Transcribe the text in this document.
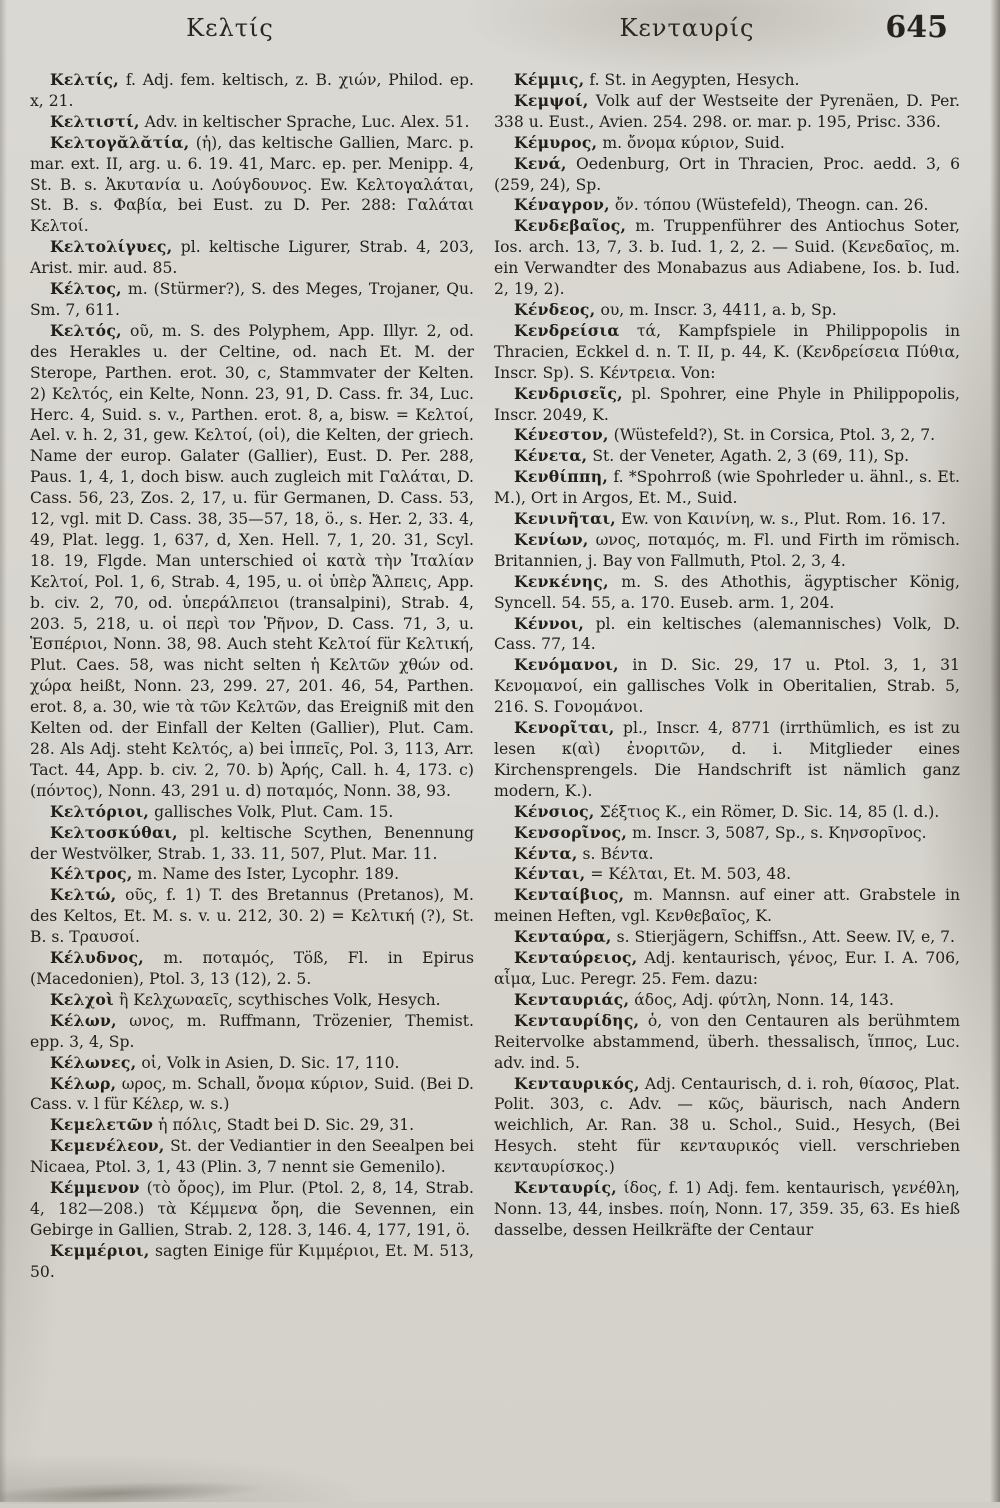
Κελτίς	Κενταυρίς	645

Κελτίς, f. Adj. fem. keltisch, z. B. χιών, Philod. ep. x, 21.

Κελτιστί, Adv. in keltischer Sprache, Luc. Alex. 51.

Κελτογᾰλᾰτία, (ἡ), das keltische Gallien, Marc. p. mar. ext. II, arg. u. 6. 19. 41, Marc. ep. per. Menipp. 4, St. B. s. Ἀκυτανία u. Λούγδουνος. Ew. Κελτογαλάται, St. B. s. Φαβία, bei Eust. zu D. Per. 288: Γαλάται Κελτοί.

Κελτολίγυες, pl. keltische Ligurer, Strab. 4, 203, Arist. mir. aud. 85.

Κέλτος, m. (Stürmer?), S. des Meges, Trojaner, Qu. Sm. 7, 611.

Κελτός, οῦ, m. S. des Polyphem, App. Illyr. 2, od. des Herakles u. der Celtine, od. nach Et. M. der Sterope, Parthen. erot. 30, c, Stammvater der Kelten. 2) Κελτός, ein Kelte, Nonn. 23, 91, D. Cass. fr. 34, Luc. Herc. 4, Suid. s. v., Parthen. erot. 8, a, bisw. = Κελτοί, Ael. v. h. 2, 31, gew. Κελτοί, (οἱ), die Kelten, der griech. Name der europ. Galater (Gallier), Eust. D. Per. 288, Paus. 1, 4, 1, doch bisw. auch zugleich mit Γαλάται, D. Cass. 56, 23, Zos. 2, 17, u. für Germanen, D. Cass. 53, 12, vgl. mit D. Cass. 38, 35—57, 18, ö., s. Her. 2, 33. 4, 49, Plat. legg. 1, 637, d, Xen. Hell. 7, 1, 20. 31, Scyl. 18. 19, Flgde. Man unterschied οἱ κατὰ τὴν Ἰταλίαν Κελτοί, Pol. 1, 6, Strab. 4, 195, u. οἱ ὑπὲρ Ἄλπεις, App. b. civ. 2, 70, od. ὑπεράλπειοι (transalpini), Strab. 4, 203. 5, 218, u. οἱ περὶ τον Ῥῆνον, D. Cass. 71, 3, u. Ἑσπέριοι, Nonn. 38, 98. Auch steht Κελτοί für Κελτική, Plut. Caes. 58, was nicht selten ἡ Κελτῶν χθών od. χώρα heißt, Nonn. 23, 299. 27, 201. 46, 54, Parthen. erot. 8, a. 30, wie τὰ τῶν Κελτῶν, das Ereigniß mit den Kelten od. der Einfall der Kelten (Gallier), Plut. Cam. 28. Als Adj. steht Κελτός, a) bei ἱππεῖς, Pol. 3, 113, Arr. Tact. 44, App. b. civ. 2, 70. b) Ἀρής, Call. h. 4, 173. c) (πόντος), Nonn. 43, 291 u. d) ποταμός, Nonn. 38, 93.

Κελτόριοι, gallisches Volk, Plut. Cam. 15.

Κελτοσκύθαι, pl. keltische Scythen, Benennung der Westvölker, Strab. 1, 33. 11, 507, Plut. Mar. 11.

Κέλτρος, m. Name des Ister, Lycophr. 189.

Κελτώ, οῦς, f. 1) T. des Bretannus (Pretanos), M. des Keltos, Et. M. s. v. u. 212, 30. 2) = Κελτική (?), St. B. s. Τραυσοί.

Κέλυδνος, m. ποταμός, Töß, Fl. in Epirus (Macedonien), Ptol. 3, 13 (12), 2. 5.

Κελχοὶ ἢ Κελχωναεῖς, scythisches Volk, Hesych.

Κέλων, ωνος, m. Ruffmann, Trözenier, Themist. epp. 3, 4, Sp.

Κέλωνες, οἱ, Volk in Asien, D. Sic. 17, 110.

Κέλωρ, ωρος, m. Schall, ὄνομα κύριον, Suid. (Bei D. Cass. v. l für Κέλερ, w. s.)

Κεμελετῶν ἡ πόλις, Stadt bei D. Sic. 29, 31.

Κεμενέλεον, St. der Vediantier in den Seealpen bei Nicaea, Ptol. 3, 1, 43 (Plin. 3, 7 nennt sie Gemenilo).

Κέμμενον (τὸ ὄρος), im Plur. (Ptol. 2, 8, 14, Strab. 4, 182—208.) τὰ Κέμμενα ὄρη, die Sevennen, ein Gebirge in Gallien, Strab. 2, 128. 3, 146. 4, 177, 191, ö.

Κεμμέριοι, sagten Einige für Κιμμέριοι, Et. M. 513, 50.

Κέμμις, f. St. in Aegypten, Hesych.

Κεμψοί, Volk auf der Westseite der Pyrenäen, D. Per. 338 u. Eust., Avien. 254. 298. or. mar. p. 195, Prisc. 336.

Κέμυρος, m. ὄνομα κύριον, Suid.

Κενά, Oedenburg, Ort in Thracien, Proc. aedd. 3, 6 (259, 24), Sp.

Κέναγρον, ὄν. τόπου (Wüstefeld), Theogn. can. 26.

Κενδεβαῖος, m. Truppenführer des Antiochus Soter, Ios. arch. 13, 7, 3. b. Iud. 1, 2, 2. — Suid. (Κενεδαῖος, m. ein Verwandter des Monabazus aus Adiabene, Ios. b. Iud. 2, 19, 2).

Κένδεος, ου, m. Inscr. 3, 4411, a. b, Sp.

Κενδρείσια τά, Kampfspiele in Philippopolis in Thracien, Eckkel d. n. T. II, p. 44, K. (Κενδρείσεια Πύθια, Inscr. Sp). S. Κέντρεια. Von:

Κενδρισεῖς, pl. Spohrer, eine Phyle in Philippopolis, Inscr. 2049, K.

Κένεστον, (Wüstefeld?), St. in Corsica, Ptol. 3, 2, 7.

Κένετα, St. der Veneter, Agath. 2, 3 (69, 11), Sp.

Κενθίππη, f. *Spohrroß (wie Spohrleder u. ähnl., s. Et. M.), Ort in Argos, Et. M., Suid.

Κενινῆται, Ew. von Καινίνη, w. s., Plut. Rom. 16. 17.

Κενίων, ωνος, ποταμός, m. Fl. und Firth im römisch. Britannien, j. Bay von Fallmuth, Ptol. 2, 3, 4.

Κενκένης, m. S. des Athothis, ägyptischer König, Syncell. 54. 55, a. 170. Euseb. arm. 1, 204.

Κέννοι, pl. ein keltisches (alemannisches) Volk, D. Cass. 77, 14.

Κενόμανοι, in D. Sic. 29, 17 u. Ptol. 3, 1, 31 Κενομανοί, ein gallisches Volk in Oberitalien, Strab. 5, 216. S. Γονομάνοι.

Κενορῖται, pl., Inscr. 4, 8771 (irrthümlich, es ist zu lesen κ(αὶ) ἐνοριτῶν, d. i. Mitglieder eines Kirchensprengels. Die Handschrift ist nämlich ganz modern, K.).

Κένσιος, Σέξτιος Κ., ein Römer, D. Sic. 14, 85 (l. d.).

Κενσορῖνος, m. Inscr. 3, 5087, Sp., s. Κηνσορῖνος.

Κέντα, s. Βέντα.

Κένται, = Κέλται, Et. M. 503, 48.

Κενταίβιος, m. Mannsn. auf einer att. Grabstele in meinen Heften, vgl. Κενθεβαῖος, K.

Κενταύρα, s. Stierjägern, Schiffsn., Att. Seew. IV, e, 7.

Κενταύρειος, Adj. kentaurisch, γένος, Eur. I. A. 706, αἷμα, Luc. Peregr. 25. Fem. dazu:

Κενταυριάς, άδος, Adj. φύτλη, Nonn. 14, 143.

Κενταυρίδης, ὁ, von den Centauren als berühmtem Reitervolke abstammend, überh. thessalisch, ἵππος, Luc. adv. ind. 5.

Κενταυρικός, Adj. Centaurisch, d. i. roh, θίασος, Plat. Polit. 303, c. Adv. — κῶς, bäurisch, nach Andern weichlich, Ar. Ran. 38 u. Schol., Suid., Hesych, (Bei Hesych. steht für κενταυρικός viell. verschrieben κενταυρίσκος.)

Κενταυρίς, ίδος, f. 1) Adj. fem. kentaurisch, γενέθλη, Nonn. 13, 44, insbes. ποίη, Nonn. 17, 359. 35, 63. Es hieß dasselbe, dessen Heilkräfte der Centaur
